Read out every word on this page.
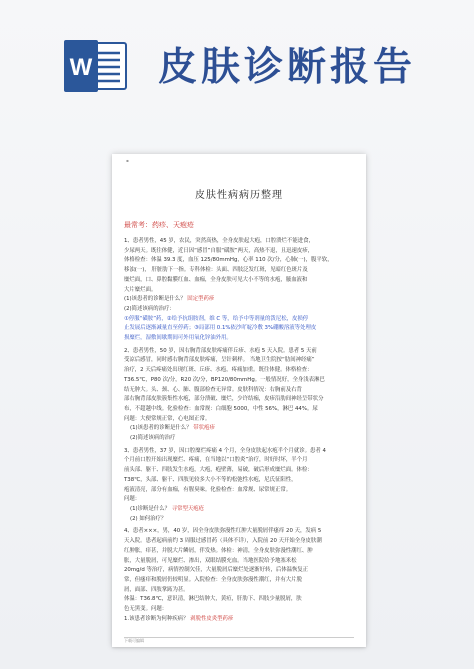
W 皮肤诊断报告
▪
皮肤性病病历整理
最常考：药疹、天疱疮
1、患者男性，45 岁，农民，突然高热，全身皮肤起大疱，口腔溃烂不能进食，
少尿两天。既往体健，近日因“感冒”自服“磺胺”两天，高热不退，且迅速皮疹，
体格检查：体温 39.3 度，血压 125/80mmHg，心率 110 次/分，心肺(一)，腹平软，
移浊(一)， 肝脏肋下一指。专科体检：头面、四肢泛发红斑，见暗红色斑片及
糜烂面，口、鼻腔黏膜红血、血痂，全身皮肤可见大小不等的水疱，腋血液和
大片糜烂面。
(1)该患者的诊断是什么？ 固定型药疹
(2)简述该病的治疗：
①停服“磺胺”药，②给予抗组胺剂，维 C 等，给予中等剂量的泼尼松，皮损停
止发展后逐渐减量直至停药；③局部用 0.1%依沙吖啶冷敷 3%硼酸溶液等处理皮
损糜烂，湿敷间歇期间可外用氧化锌油外用。
2、患者男性，50 岁，因右胸背部皮肤疼痛伴丘疹、水疱 5 天入院。患者 5 天前
受凉后感冒，同时感右胸背部皮肤疼痛，呈针刺样。 当地卫生院按“肋间神经痛”
治疗，2 天后疼痛处出现红斑、丘疹、水疱，疼痛加重。既往体健。体格检查：
T36.5℃，P80 次/分，R20 次/分，BP120/80mmHg。一般情况好，全身浅表淋巴
结无肿大。头、颈、心、肺、腹部检查无异常。皮肤科情况：右胸前及右背
部右胸背部皮肤簇集性水疱，部分溃破、糜烂，少许结痂，皮疹沿肋间神经呈带状分
布，不超越中线。化验检查：血常规：白细胞 5000，中性 56%，淋巴 44%。尿
问题：大便常规正常，心电图正常。
(1)该患者的诊断是什么？ 带状疱疹
(2)简述该病的治疗
3、患者男性，37 岁，因口腔糜烂疼痛 4 个月，全身皮肤起水疱半个月就诊。患者 4
个月前口腔开始出现糜烂、疼痛，在当地以“口腔炎”治疗，时好时坏，半个月
前头部、躯干、四肢发生水疱，大疱，疱壁薄，易破，破后形成糜烂面。体检：
T38℃，头部、躯干、四肢见较多大小不等的松弛性水疱，尼氏征阳性，
疱液清亮，部分有血痂，有腥臭味。化验检查：血常规、尿常规正常。
问题：
(1)诊断是什么？ 寻常型天疱疮
(2) 如何治疗？
4、患者×××，男，40 岁，因全身皮肤弥漫性红肿大量脱屑伴瘙痒 20 天，发病 5
天入院。患者起病前约 3 周服过感冒药（具体不详），入院前 20 天开始全身皮肤潮
红肿胀，痒甚，并脱大片鳞屑，伴发热。体检：神清，全身皮肤弥漫性潮红、肿
胀，大量脱屑，可见糜烂、渗出，双眼结膜充血。当地医院给予地塞米松
20mg/d 等治疗，病情控制欠佳，大量脱屑后糜烂处逐渐好转，后体温恢复正
常，但瘙痒和脱屑仍较明显。入院检查：全身皮肤弥漫性潮红，并有大片脱
屑，面部、四肢掌跖为甚。
体温：T36.8℃，意识清，淋巴结肿大，黄疸，肝肋下、四肢少量脱屑，肤
色无黑变。问题：
1.该患者诊断为何种疾病？ 剥脱性皮炎型药疹
下载可编辑
